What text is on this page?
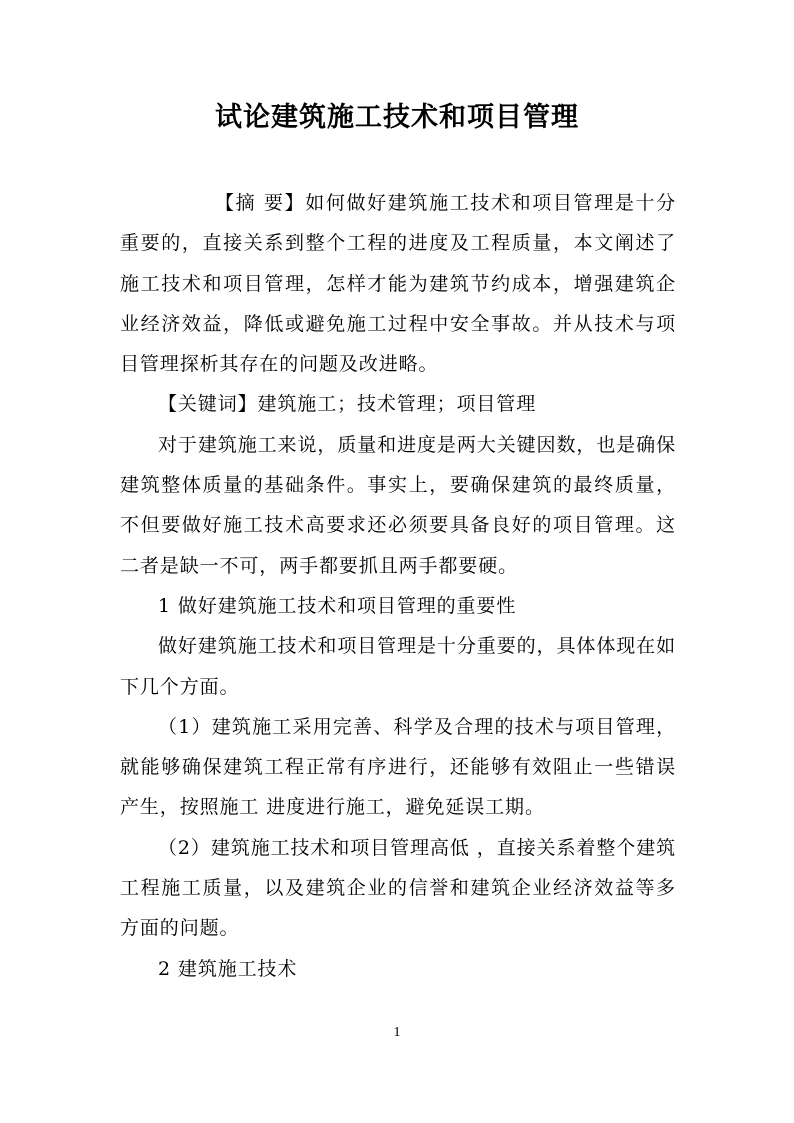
试论建筑施工技术和项目管理

【摘 要】如何做好建筑施工技术和项目管理是十分重要的，直接关系到整个工程的进度及工程质量，本文阐述了施工技术和项目管理，怎样才能为建筑节约成本，增强建筑企业经济效益，降低或避免施工过程中安全事故。并从技术与项目管理探析其存在的问题及改进略。

【关键词】建筑施工；技术管理；项目管理

对于建筑施工来说，质量和进度是两大关键因数，也是确保建筑整体质量的基础条件。事实上，要确保建筑的最终质量，不但要做好施工技术高要求还必须要具备良好的项目管理。这二者是缺一不可，两手都要抓且两手都要硬。

1 做好建筑施工技术和项目管理的重要性

做好建筑施工技术和项目管理是十分重要的，具体体现在如下几个方面。

（1）建筑施工采用完善、科学及合理的技术与项目管理，就能够确保建筑工程正常有序进行，还能够有效阻止一些错误产生，按照施工 进度进行施工，避免延误工期。

（2）建筑施工技术和项目管理高低 ，直接关系着整个建筑工程施工质量，以及建筑企业的信誉和建筑企业经济效益等多方面的问题。

2 建筑施工技术

1
